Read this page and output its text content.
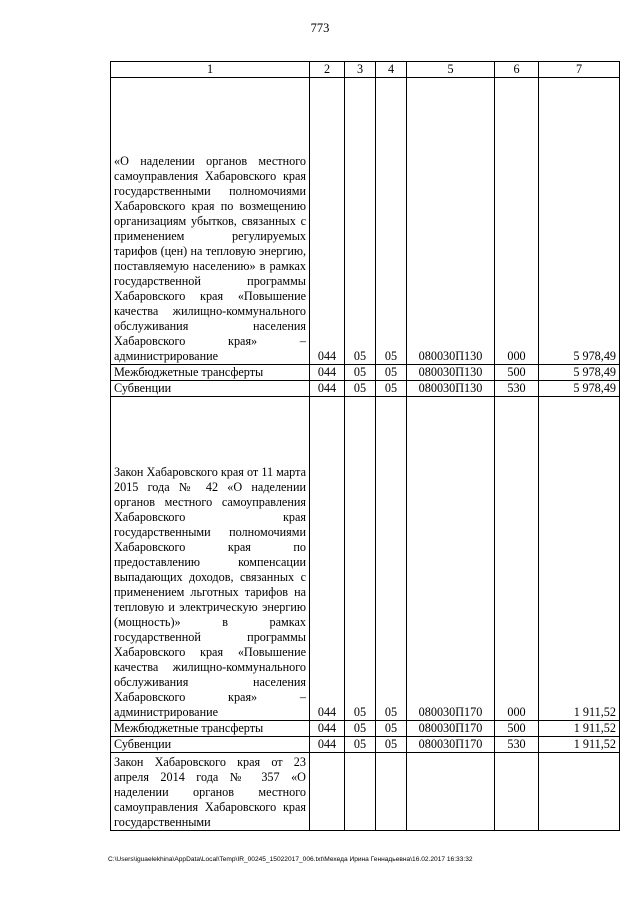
773
1	2	3	4	5	6	7
«О наделении органов местного самоуправления Хабаровского края государственными полномочиями Хабаровского края по возмещению организациям убытков, связанных с применением регулируемых тарифов (цен) на тепловую энергию, поставляемую населению» в рамках государственной программы Хабаровского края «Повышение качества жилищно-коммунального обслуживания населения Хабаровского края» – администрирование	044	05	05	080030П130	000	5 978,49
Межбюджетные трансферты	044	05	05	080030П130	500	5 978,49
Субвенции	044	05	05	080030П130	530	5 978,49
Закон Хабаровского края от 11 марта 2015 года № 42 «О наделении органов местного самоуправления Хабаровского края государственными полномочиями Хабаровского края по предоставлению компенсации выпадающих доходов, связанных с применением льготных тарифов на тепловую и электрическую энергию (мощность)» в рамках государственной программы Хабаровского края «Повышение качества жилищно-коммунального обслуживания населения Хабаровского края» – администрирование	044	05	05	080030П170	000	1 911,52
Межбюджетные трансферты	044	05	05	080030П170	500	1 911,52
Субвенции	044	05	05	080030П170	530	1 911,52
Закон Хабаровского края от 23 апреля 2014 года № 357 «О наделении органов местного самоуправления Хабаровского края государственными						
C:\Users\iguaelekhina\AppData\Local\Temp\IR_00245_15022017_006.txt\Мехеда Ирина Геннадьевна\16.02.2017 16:33:32
